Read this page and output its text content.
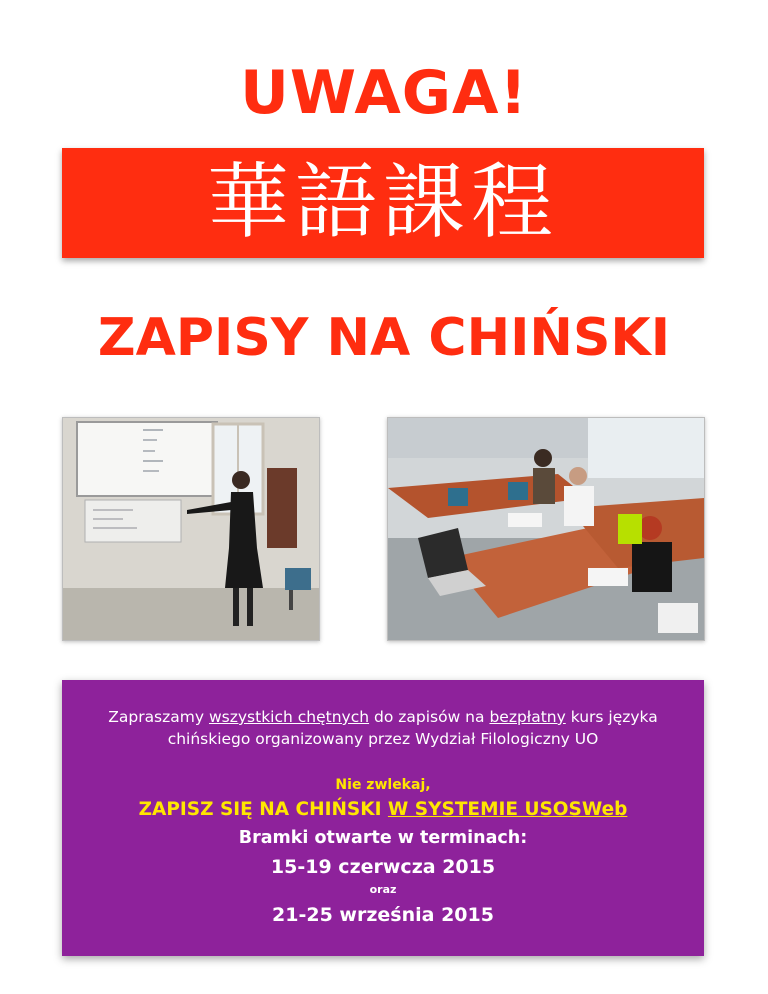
UWAGA!
華語課程
ZAPISY NA CHIŃSKI
Zapraszamy wszystkich chętnych do zapisów na bezpłatny kurs języka
chińskiego organizowany przez Wydział Filologiczny UO
Nie zwlekaj,
ZAPISZ SIĘ NA CHIŃSKI W SYSTEMIE USOSWeb
Bramki otwarte w terminach:
15-19 czerwcza 2015
oraz
21-25 września 2015
